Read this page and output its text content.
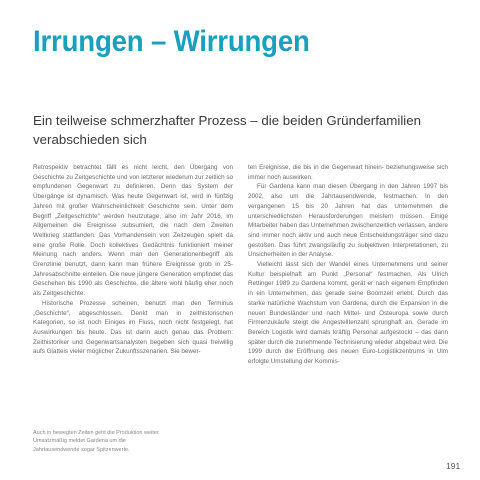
Irrungen – Wirrungen
Ein teilweise schmerzhafter Prozess – die beiden Gründerfamilien verabschieden sich

Retrospektiv betrachtet fällt es nicht leicht, den Übergang von Geschichte zu Zeitgeschichte und von letzterer wiederum zur zeitlich so empfundenen Gegenwart zu definieren. Denn das System der Übergänge ist dynamisch. Was heute Gegenwart ist, wird in fünfzig Jahren mit großer Wahrscheinlichkeit Geschichte sein. Unter dem Begriff „Zeitgeschichte“ werden heutzutage, also im Jahr 2016, im Allgemeinen die Ereignisse subsumiert, die nach dem Zweiten Weltkrieg stattfanden. Das Vorhandensein von Zeitzeugen spielt da eine große Rolle. Doch kollektives Gedächtnis funktioniert meiner Meinung nach anders. Wenn man den Generationenbegriff als Grenzlinie benutzt, dann kann man frühere Ereignisse grob in 25-Jahresabschnitte einteilen. Die neue jüngere Generation empfindet das Geschehen bis 1990 als Geschichte, die ältere wohl häufig eher noch als Zeitgeschichte.

Historische Prozesse scheinen, benutzt man den Terminus „Geschichte“, abgeschlossen. Denkt man in zeithistorischen Kategorien, so ist noch Einiges im Fluss, noch nicht festgelegt, hat Auswirkungen bis heute. Das ist dann auch genau das Problem: Zeithistoriker und Gegenwartsanalysten begeben sich quasi freiwillig aufs Glatteis vieler möglicher Zukunftsszenarien. Sie bewer-

ten Ereignisse, die bis in die Gegenwart hinein- beziehungsweise sich immer noch auswirken.

Für Gardena kann man diesen Übergang in den Jahren 1997 bis 2002, also um die Jahrtausendwende, festmachen. In den vergangenen 15 bis 20 Jahren hat das Unternehmen die unterschiedlichsten Herausforderungen meistern müssen. Einige Mitarbeiter haben das Unternehmen zwischenzeitlich verlassen, andere sind immer noch aktiv und auch neue Entscheidungsträger sind dazu gestoßen. Das führt zwangsläufig zu subjektiven Interpretationen, zu Unsicherheiten in der Analyse.

Vielleicht lässt sich der Wandel eines Unternehmens und seiner Kultur beispielhaft am Punkt „Personal“ festmachen. Als Ulrich Rettinger 1989 zu Gardena kommt, gerät er nach eigenem Empfinden in ein Unternehmen, das gerade seine Boomzeit erlebt. Durch das starke natürliche Wachstum von Gardena, durch die Expansion in die neuen Bundesländer und nach Mittel- und Osteuropa sowie durch Firmenzukäufe steigt die Angestelltenzahl sprunghaft an. Gerade im Bereich Logistik wird damals kräftig Personal aufgestockt – das dann später durch die zunehmende Technisierung wieder abgebaut wird. Die 1999 durch die Eröffnung des neuen Euro-Logistikzentrums in Ulm erfolgte Umstellung der Kommis-

Auch in bewegten Zeiten geht die Produktion weiter. Umsatzmäßig meldet Gardena um die Jahrtausendwende sogar Spitzenwerte.
191
